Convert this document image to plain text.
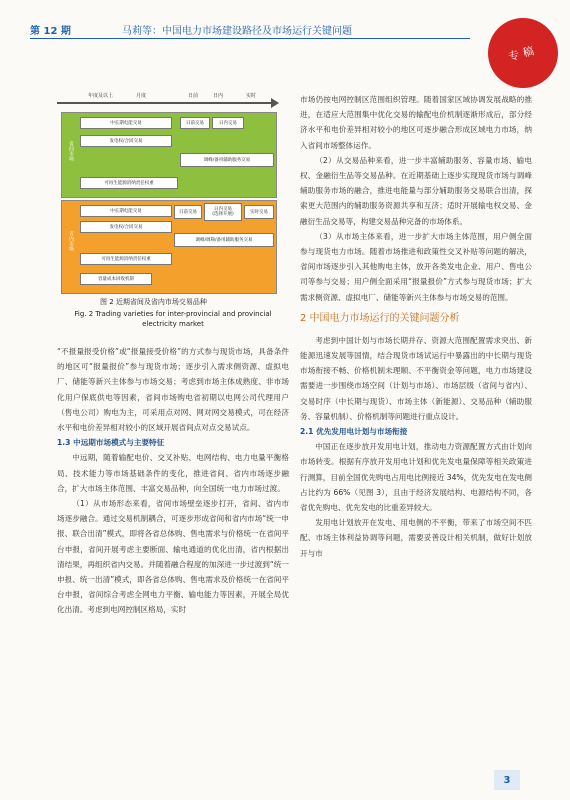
第 12 期	马莉等：中国电力市场建设路径及市场运行关键问题
专稿
年度及以上	月度	日前	日内	实时
省间市场
中长期电能交易
发电权/合同交易
日前交易	日内交易
调峰/备用辅助服务交易
可再生能源消纳责任权重
省内市场
中长期电能交易
发电权/合同交易
日前交易	日内交易
(选择开展)	实时交易
调峰/调频/备用辅助服务交易
可再生能源消纳责任权重
容量成本回收机制
图 2 近期省间及省内市场交易品种
Fig. 2 Trading varieties for inter-provincial and provincial electricity market

“不报量报受价格”或“报量接受价格”的方式参与现货市场，具备条件的地区可“报量报价”参与现货市场；逐步引入需求侧资源、虚拟电厂、储能等新兴主体参与市场交易；考虑到市场主体成熟度、非市场化用户保底供电等因素，省间市场购电省初期以电网公司代理用户（售电公司）购电为主，可采用点对网、网对网交易模式，可在经济水平和电价差异相对较小的区域开展省间点对点交易试点。

1.3 中远期市场模式与主要特征

中远期，随着输配电价、交叉补贴、电网结构、电力电量平衡格局、技术能力等市场基础条件的变化，推进省间、省内市场逐步融合，扩大市场主体范围、丰富交易品种，向全国统一电力市场过渡。

（1）从市场形态来看，省间市场壁垒逐步打开，省间、省内市场逐步融合。通过交易机制耦合，可逐步形成省间和省内市场“统一申报、联合出清”模式，即将各省总体购、售电需求与价格统一在省间平台申报，省间开展考虑主要断面、输电通道的优化出清，省内根据出清结果，再组织省内交易。并随着融合程度的加深进一步过渡到“统一申报、统一出清”模式，即各省总体购、售电需求及价格统一在省间平台申报，省间综合考虑全网电力平衡、输电能力等因素，开展全局优化出清。考虑到电网控制区格局，实时

市场仍按电网控制区范围组织管理。随着国家区域协调发展战略的推进，在适应大范围集中优化交易的输配电价机制逐渐形成后，部分经济水平和电价差异相对较小的地区可逐步融合形成区域电力市场，纳入省间市场整体运作。

（2）从交易品种来看，进一步丰富辅助服务、容量市场、输电权、金融衍生品等交易品种。在近期基础上逐步实现现货市场与调峰辅助服务市场的融合，推进电能量与部分辅助服务交易联合出清，探索更大范围内的辅助服务资源共享和互济；适时开展输电权交易、金融衍生品交易等，构建交易品种完备的市场体系。

（3）从市场主体来看，进一步扩大市场主体范围，用户侧全面参与现货电力市场。随着市场推进和政策性交叉补贴等问题的解决，省间市场逐步引入其他购电主体，放开各类发电企业、用户、售电公司等参与交易；用户侧全面采用“报量报价”方式参与现货市场；扩大需求侧资源、虚拟电厂、储能等新兴主体参与市场交易的范围。

2 中国电力市场运行的关键问题分析

考虑到中国计划与市场长期并存、资源大范围配置需求突出、新能源迅速发展等国情，结合现货市场试运行中暴露出的中长期与现货市场衔接不畅、价格机制未理顺、不平衡资金等问题，电力市场建设需要进一步围绕市场空间（计划与市场）、市场层级（省间与省内）、交易时序（中长期与现货）、市场主体（新能源）、交易品种（辅助服务、容量机制）、价格机制等问题进行重点设计。

2.1 优先发用电计划与市场衔接

中国正在逐步放开发用电计划，推动电力资源配置方式由计划向市场转变。根据有序放开发用电计划和优先发电量保障等相关政策进行测算，目前全国优先购电占用电比例接近 34%，优先发电在发电侧占比约为 66%（见图 3），且由于经济发展结构、电源结构不同，各省优先购电、优先发电的比重差异较大。

发用电计划放开在发电、用电侧的不平衡，带来了市场空间不匹配、市场主体利益协调等问题，需要妥善设计相关机制，做好计划放开与市

3
